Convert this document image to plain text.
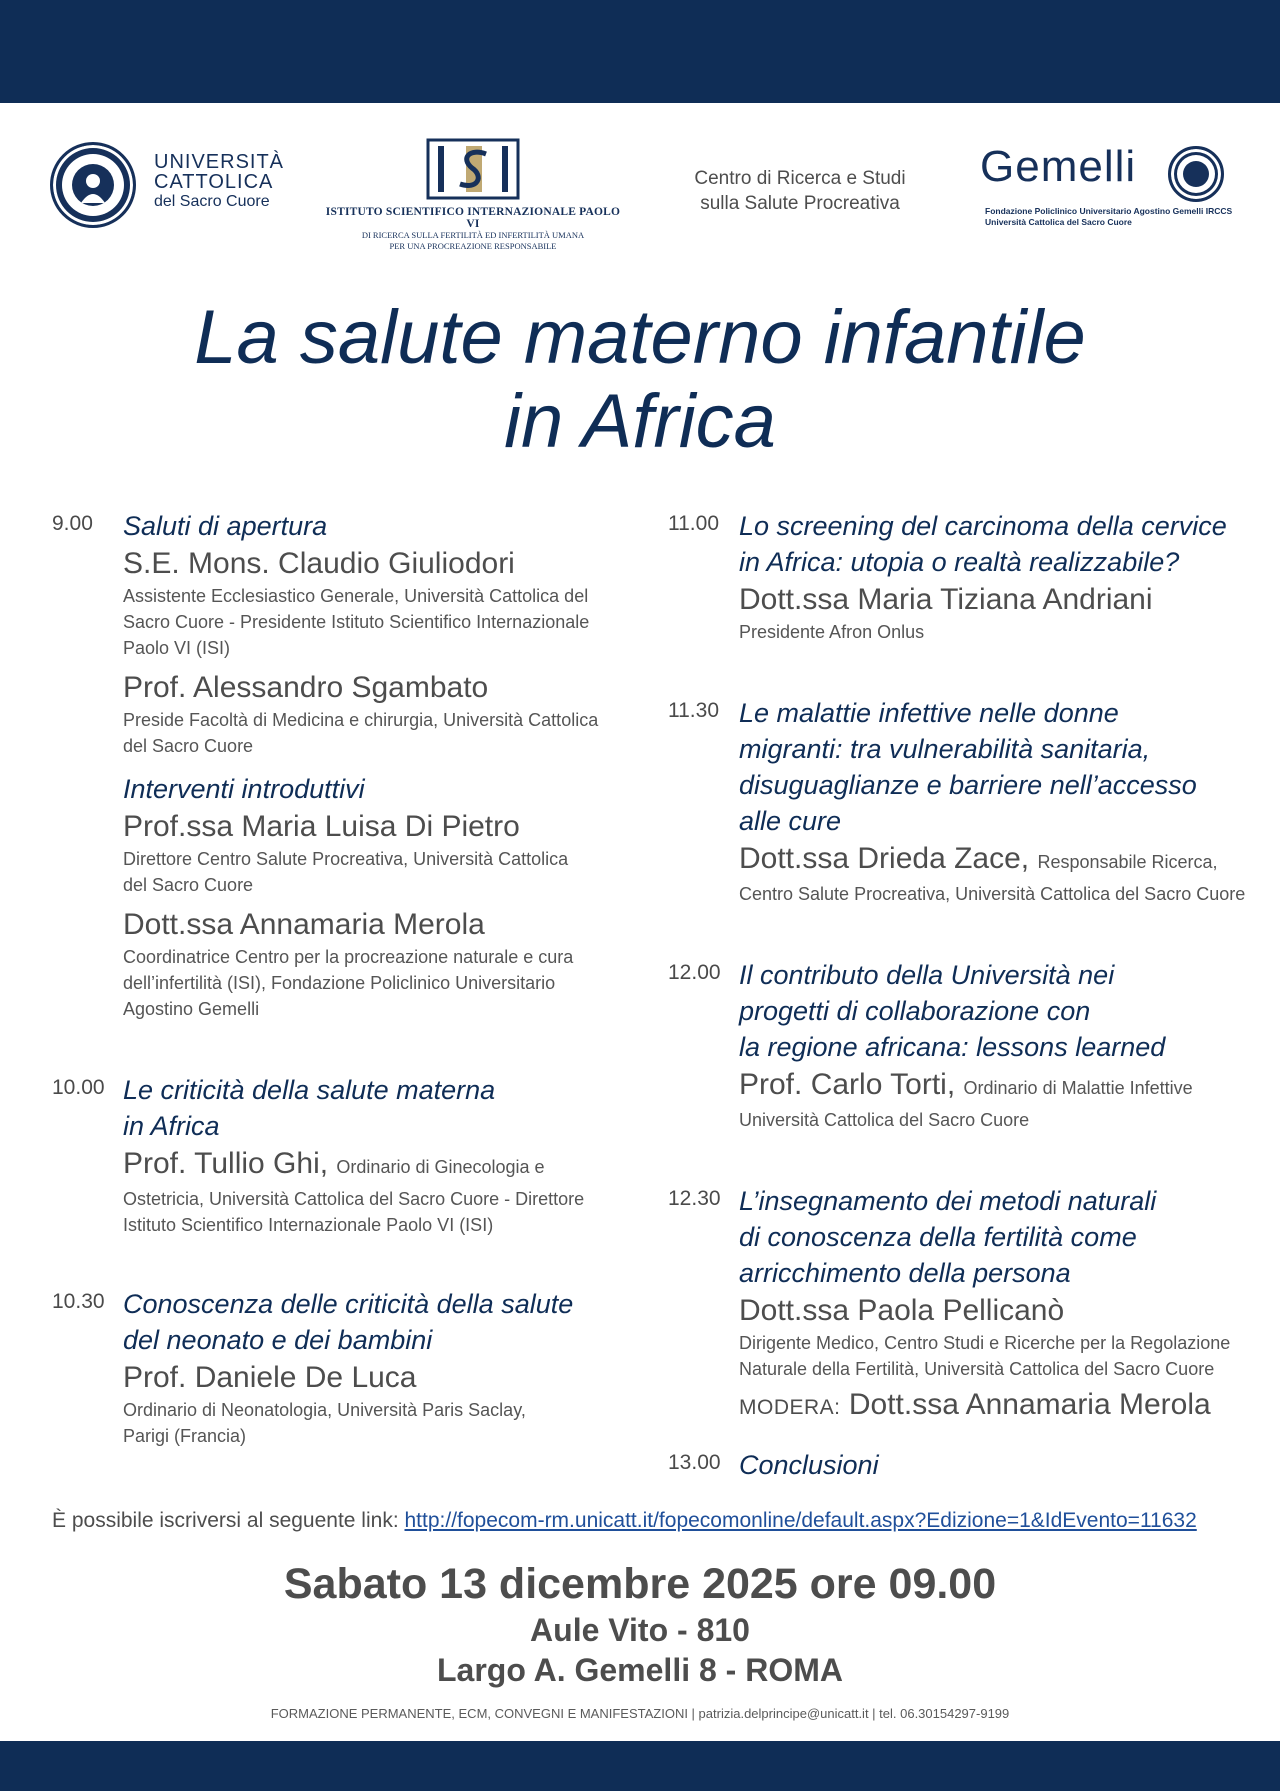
UNIVERSITÀ
CATTOLICA
del Sacro Cuore
ISTITUTO SCIENTIFICO INTERNAZIONALE PAOLO VI
DI RICERCA SULLA FERTILITÀ ED INFERTILITÀ UMANA
PER UNA PROCREAZIONE RESPONSABILE
Centro di Ricerca e Studi
sulla Salute Procreativa
Gemelli
Fondazione Policlinico Universitario Agostino Gemelli IRCCS
Università Cattolica del Sacro Cuore
La salute materno infantile
in Africa
9.00 Saluti di apertura
S.E. Mons. Claudio Giuliodori
Assistente Ecclesiastico Generale, Università Cattolica del
Sacro Cuore - Presidente Istituto Scientifico Internazionale
Paolo VI (ISI)
Prof. Alessandro Sgambato
Preside Facoltà di Medicina e chirurgia, Università Cattolica
del Sacro Cuore
Interventi introduttivi
Prof.ssa Maria Luisa Di Pietro
Direttore Centro Salute Procreativa, Università Cattolica
del Sacro Cuore
Dott.ssa Annamaria Merola
Coordinatrice Centro per la procreazione naturale e cura
dell’infertilità (ISI), Fondazione Policlinico Universitario
Agostino Gemelli
10.00 Le criticità della salute materna
in Africa
Prof. Tullio Ghi, Ordinario di Ginecologia e
Ostetricia, Università Cattolica del Sacro Cuore - Direttore
Istituto Scientifico Internazionale Paolo VI (ISI)
10.30 Conoscenza delle criticità della salute
del neonato e dei bambini
Prof. Daniele De Luca
Ordinario di Neonatologia, Università Paris Saclay,
Parigi (Francia)
11.00 Lo screening del carcinoma della cervice
in Africa: utopia o realtà realizzabile?
Dott.ssa Maria Tiziana Andriani
Presidente Afron Onlus
11.30 Le malattie infettive nelle donne
migranti: tra vulnerabilità sanitaria,
disuguaglianze e barriere nell’accesso
alle cure
Dott.ssa Drieda Zace, Responsabile Ricerca,
Centro Salute Procreativa, Università Cattolica del Sacro Cuore
12.00 Il contributo della Università nei
progetti di collaborazione con
la regione africana: lessons learned
Prof. Carlo Torti, Ordinario di Malattie Infettive
Università Cattolica del Sacro Cuore
12.30 L’insegnamento dei metodi naturali
di conoscenza della fertilità come
arricchimento della persona
Dott.ssa Paola Pellicanò
Dirigente Medico, Centro Studi e Ricerche per la Regolazione
Naturale della Fertilità, Università Cattolica del Sacro Cuore
MODERA: Dott.ssa Annamaria Merola
13.00 Conclusioni
È possibile iscriversi al seguente link: http://fopecom-rm.unicatt.it/fopecomonline/default.aspx?Edizione=1&IdEvento=11632
Sabato 13 dicembre 2025 ore 09.00
Aule Vito - 810
Largo A. Gemelli 8 - ROMA
FORMAZIONE PERMANENTE, ECM, CONVEGNI E MANIFESTAZIONI | patrizia.delprincipe@unicatt.it | tel. 06.30154297-9199
